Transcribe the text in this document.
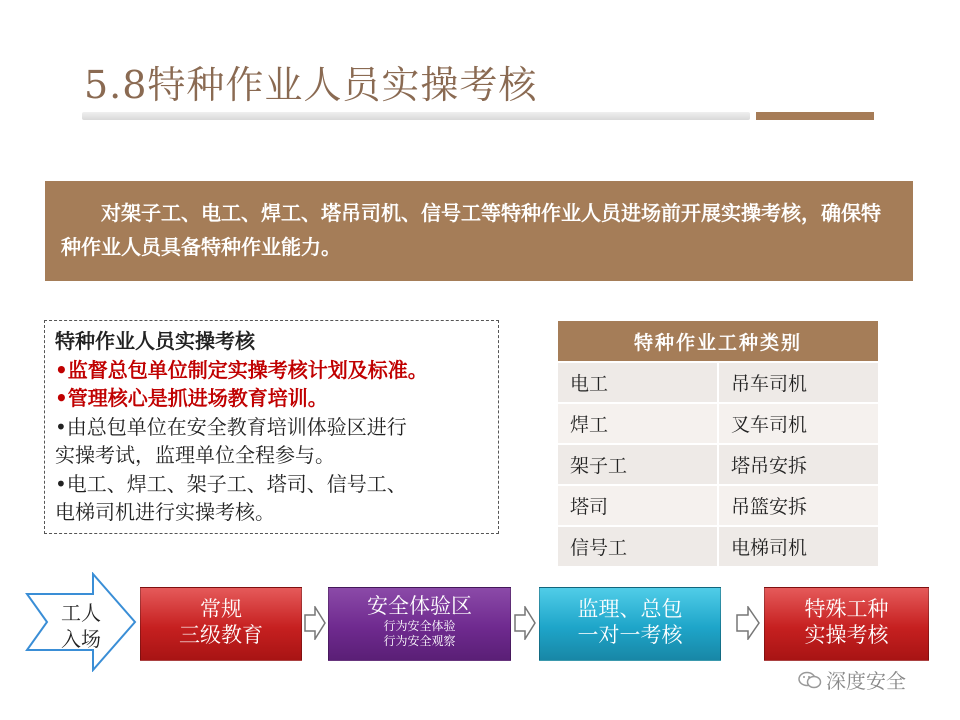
5.8特种作业人员实操考核

对架子工、电工、焊工、塔吊司机、信号工等特种作业人员进场前开展实操考核，确保特种作业人员具备特种作业能力。

特种作业人员实操考核
•监督总包单位制定实操考核计划及标准。
•管理核心是抓进场教育培训。
•由总包单位在安全教育培训体验区进行
实操考试，监理单位全程参与。
•电工、焊工、架子工、塔司、信号工、
电梯司机进行实操考核。
特种作业工种类别	
电工	吊车司机
焊工	叉车司机
架子工	塔吊安拆
塔司	吊篮安拆
信号工	电梯司机
工人
入场
常规
三级教育
安全体验区
行为安全体验
行为安全观察
监理、总包
一对一考核
特殊工种
实操考核
深度安全
